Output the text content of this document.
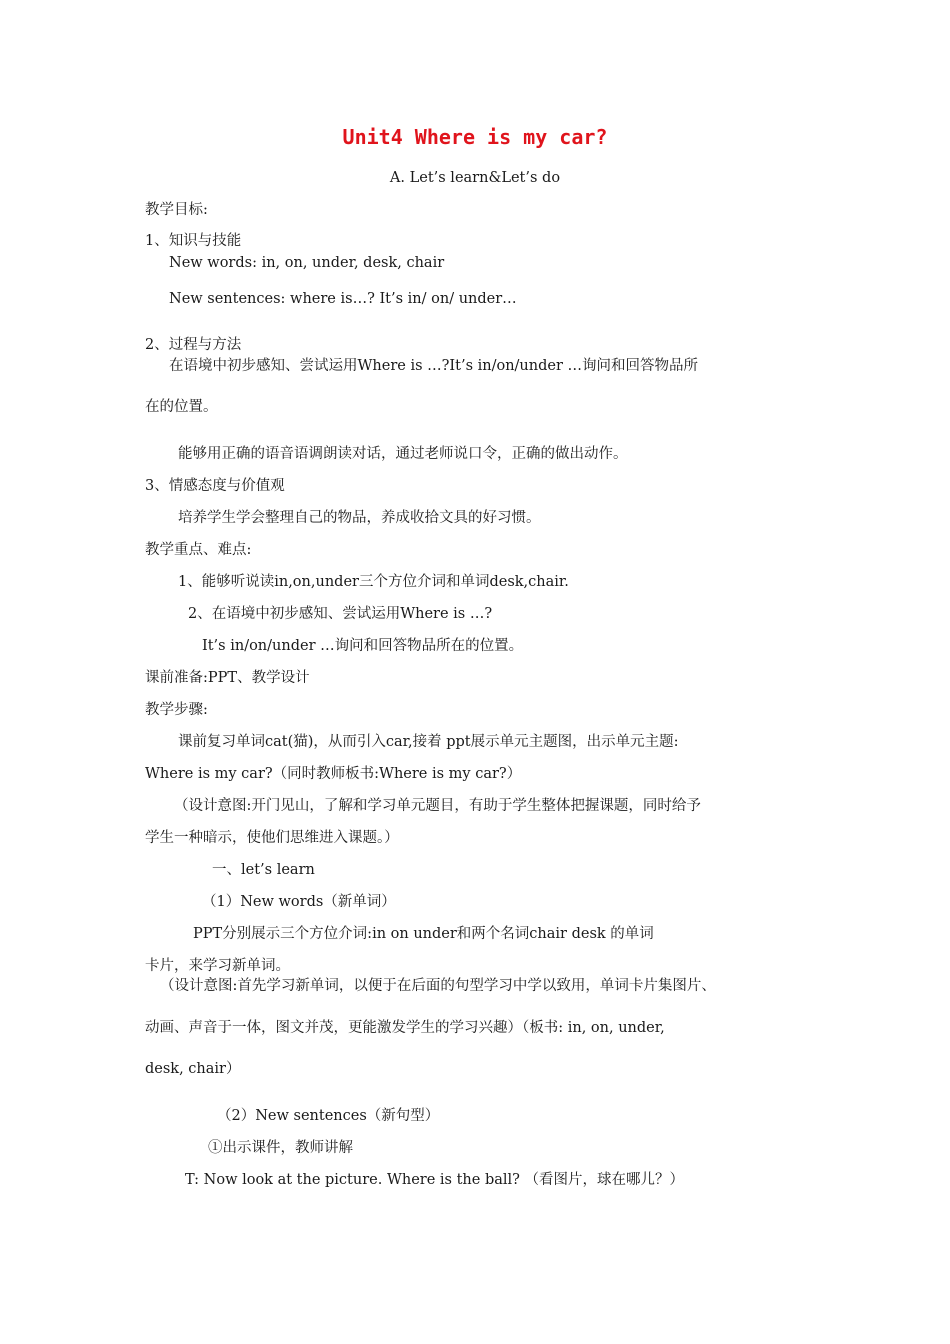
Unit4 Where is my car?
A. Let’s learn&Let’s do
教学目标:
1、知识与技能
New words: in, on, under, desk, chair
New sentences: where is…? It’s in/ on/ under…
2、过程与方法
在语境中初步感知、尝试运用Where is …?It’s in/on/under …询问和回答物品所
在的位置。
能够用正确的语音语调朗读对话，通过老师说口令，正确的做出动作。
3、情感态度与价值观
培养学生学会整理自己的物品，养成收拾文具的好习惯。
教学重点、难点:
1、能够听说读in,on,under三个方位介词和单词desk,chair.
2、在语境中初步感知、尝试运用Where is …?
It’s in/on/under …询问和回答物品所在的位置。
课前准备:PPT、教学设计
教学步骤:
课前复习单词cat(猫)，从而引入car,接着 ppt展示单元主题图，出示单元主题:
Where is my car?（同时教师板书:Where is my car?）
（设计意图:开门见山，了解和学习单元题目，有助于学生整体把握课题，同时给予
学生一种暗示，使他们思维进入课题。）
一、let’s learn
（1）New words（新单词）
PPT分别展示三个方位介词:in on under和两个名词chair desk 的单词
卡片，来学习新单词。
（设计意图:首先学习新单词，以便于在后面的句型学习中学以致用，单词卡片集图片、
动画、声音于一体，图文并茂，更能激发学生的学习兴趣）（板书: in, on, under,
desk, chair）
（2）New sentences（新句型）
①出示课件，教师讲解
T: Now look at the picture. Where is the ball? （看图片，球在哪儿？）
